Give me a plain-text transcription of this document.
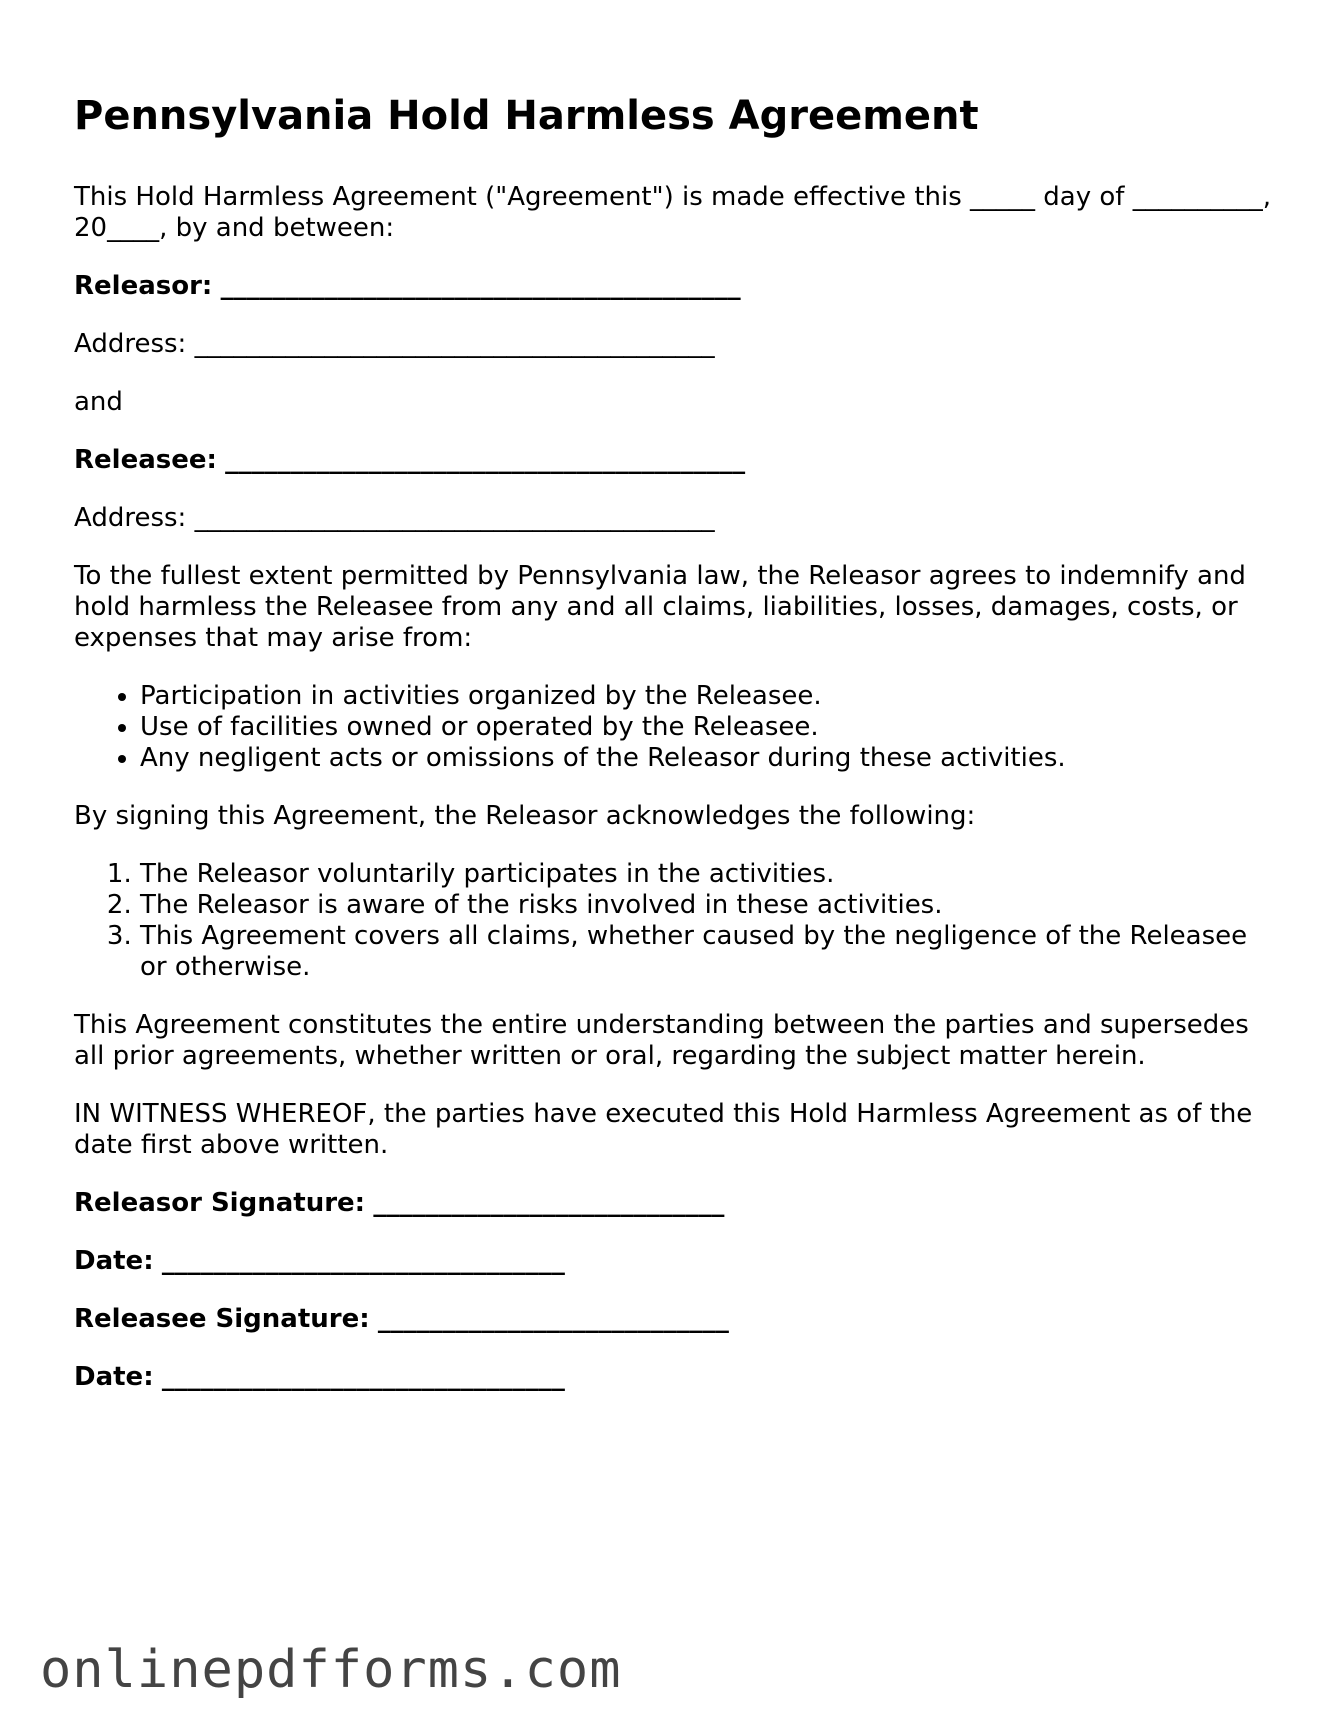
Pennsylvania Hold Harmless Agreement

This Hold Harmless Agreement ("Agreement") is made effective this _____ day of __________, 20____, by and between:

Releasor: ________________________________________

Address: ________________________________________

and

Releasee: ________________________________________

Address: ________________________________________

To the fullest extent permitted by Pennsylvania law, the Releasor agrees to indemnify and hold harmless the Releasee from any and all claims, liabilities, losses, damages, costs, or expenses that may arise from:

• Participation in activities organized by the Releasee.
• Use of facilities owned or operated by the Releasee.
• Any negligent acts or omissions of the Releasor during these activities.

By signing this Agreement, the Releasor acknowledges the following:

1. The Releasor voluntarily participates in the activities.
2. The Releasor is aware of the risks involved in these activities.
3. This Agreement covers all claims, whether caused by the negligence of the Releasee or otherwise.

This Agreement constitutes the entire understanding between the parties and supersedes all prior agreements, whether written or oral, regarding the subject matter herein.

IN WITNESS WHEREOF, the parties have executed this Hold Harmless Agreement as of the date first above written.

Releasor Signature: ___________________________

Date: _______________________________

Releasee Signature: ___________________________

Date: _______________________________

onlinepdfforms.com
